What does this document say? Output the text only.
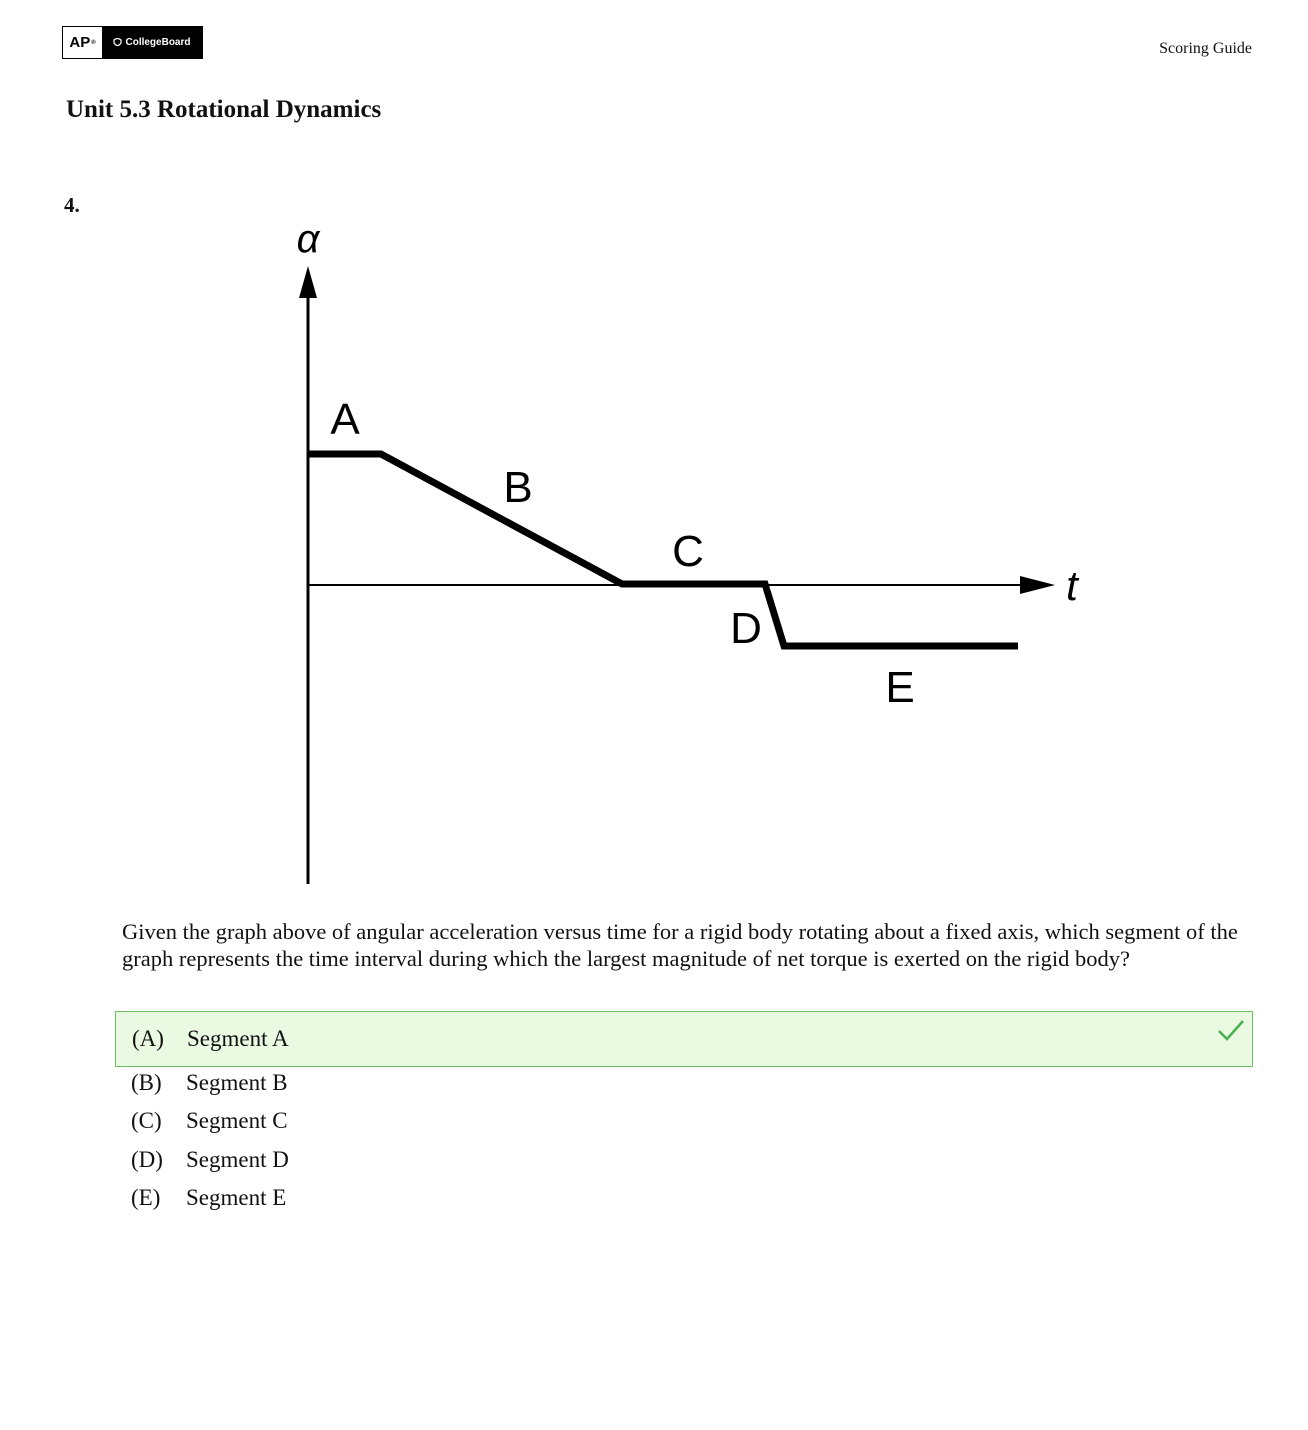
AP ®	CollegeBoard	Scoring Guide
Unit 5.3 Rotational Dynamics
4.
α
t
A
B
C
D
E

Given the graph above of angular acceleration versus time for a rigid body rotating about a fixed axis, which segment of the graph represents the time interval during which the largest magnitude of net torque is exerted on the rigid body?

(A)	Segment A
(B)	Segment B
(C)	Segment C
(D)	Segment D
(E)	Segment E
